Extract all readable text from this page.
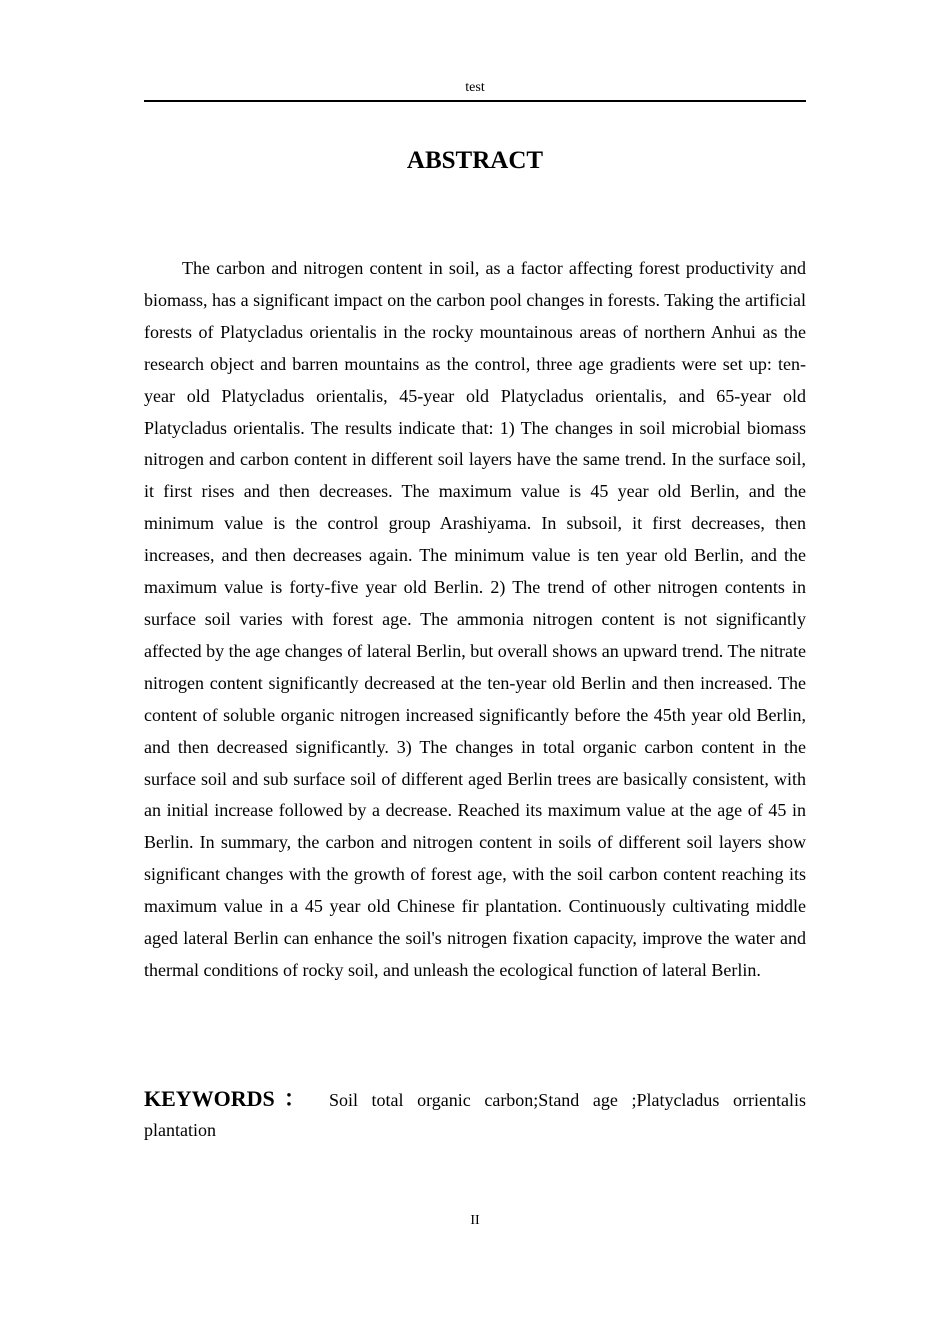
test
ABSTRACT

The carbon and nitrogen content in soil, as a factor affecting forest productivity and biomass, has a significant impact on the carbon pool changes in forests. Taking the artificial forests of Platycladus orientalis in the rocky mountainous areas of northern Anhui as the research object and barren mountains as the control, three age gradients were set up: ten-year old Platycladus orientalis, 45-year old Platycladus orientalis, and 65-year old Platycladus orientalis. The results indicate that: 1) The changes in soil microbial biomass nitrogen and carbon content in different soil layers have the same trend. In the surface soil, it first rises and then decreases. The maximum value is 45 year old Berlin, and the minimum value is the control group Arashiyama. In subsoil, it first decreases, then increases, and then decreases again. The minimum value is ten year old Berlin, and the maximum value is forty-five year old Berlin. 2) The trend of other nitrogen contents in surface soil varies with forest age. The ammonia nitrogen content is not significantly affected by the age changes of lateral Berlin, but overall shows an upward trend. The nitrate nitrogen content significantly decreased at the ten-year old Berlin and then increased. The content of soluble organic nitrogen increased significantly before the 45th year old Berlin, and then decreased significantly. 3) The changes in total organic carbon content in the surface soil and sub surface soil of different aged Berlin trees are basically consistent, with an initial increase followed by a decrease. Reached its maximum value at the age of 45 in Berlin. In summary, the carbon and nitrogen content in soils of different soil layers show significant changes with the growth of forest age, with the soil carbon content reaching its maximum value in a 45 year old Chinese fir plantation. Continuously cultivating middle aged lateral Berlin can enhance the soil's nitrogen fixation capacity, improve the water and thermal conditions of rocky soil, and unleash the ecological function of lateral Berlin.

KEYWORDS： Soil total organic carbon;Stand age ;Platycladus orrientalis plantation

II
